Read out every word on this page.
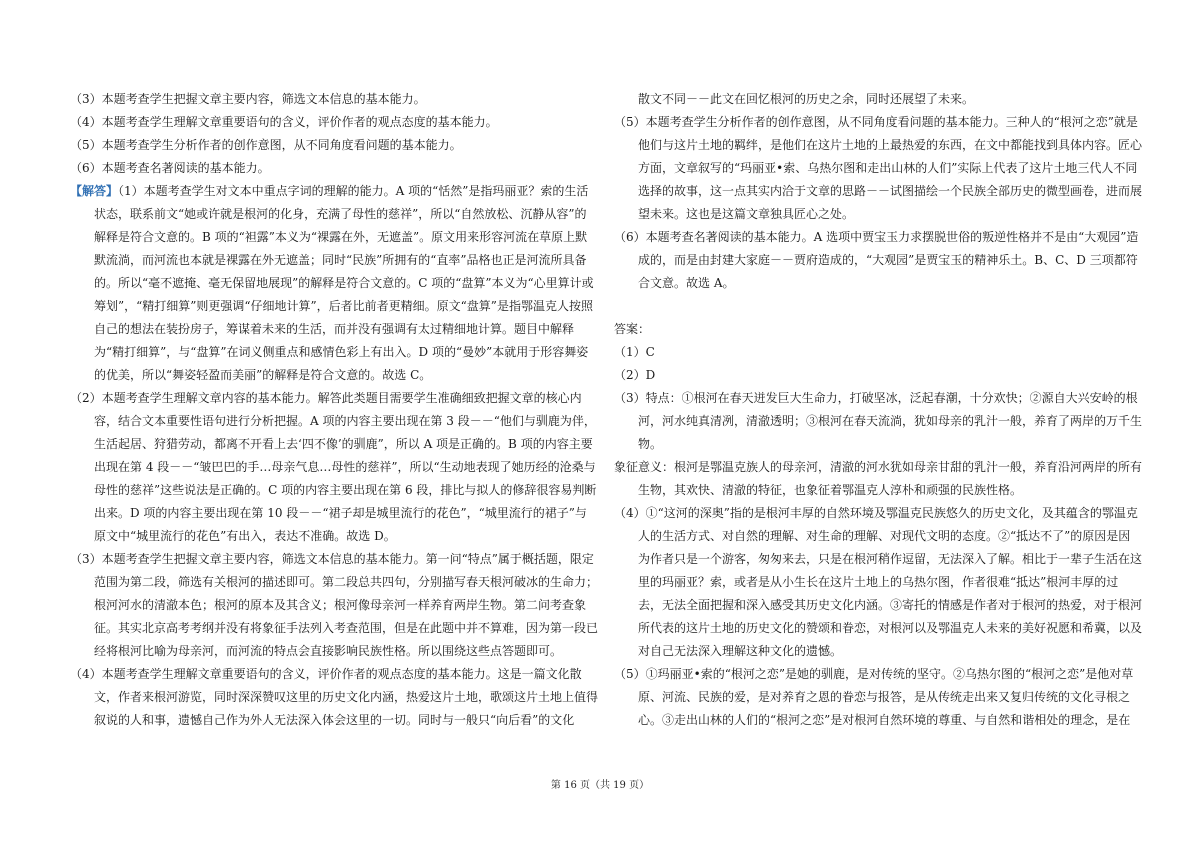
（3）本题考查学生把握文章主要内容，筛选文本信息的基本能力。

（4）本题考查学生理解文章重要语句的含义，评价作者的观点态度的基本能力。

（5）本题考查学生分析作者的创作意图，从不同角度看问题的基本能力。

（6）本题考查名著阅读的基本能力。

【解答】（1）本题考查学生对文本中重点字词的理解的能力。A 项的“恬然”是指玛丽亚？索的生活状态，联系前文“她或许就是根河的化身，充满了母性的慈祥”，所以“自然放松、沉静从容”的解释是符合文意的。B 项的“袒露”本义为“裸露在外，无遮盖”。原文用来形容河流在草原上默默流淌，而河流也本就是裸露在外无遮盖；同时“民族”所拥有的“直率”品格也正是河流所具备的。所以“毫不遮掩、毫无保留地展现”的解释是符合文意的。C 项的“盘算”本义为“心里算计或筹划”，“精打细算”则更强调“仔细地计算”，后者比前者更精细。原文“盘算”是指鄂温克人按照自己的想法在装扮房子，筹谋着未来的生活，而并没有强调有太过精细地计算。题目中解释为“精打细算”，与“盘算”在词义侧重点和感情色彩上有出入。D 项的“曼妙”本就用于形容舞姿的优美，所以“舞姿轻盈而美丽”的解释是符合文意的。故选 C。

（2）本题考查学生理解文章内容的基本能力。解答此类题目需要学生准确细致把握文章的核心内容，结合文本重要性语句进行分析把握。A 项的内容主要出现在第 3 段－－“他们与驯鹿为伴，生活起居、狩猎劳动，都离不开看上去‘四不像’的驯鹿”，所以 A 项是正确的。B 项的内容主要出现在第 4 段－－“皱巴巴的手…母亲气息…母性的慈祥”，所以“生动地表现了她历经的沧桑与母性的慈祥”这些说法是正确的。C 项的内容主要出现在第 6 段，排比与拟人的修辞很容易判断出来。D 项的内容主要出现在第 10 段－－“裙子却是城里流行的花色”，“城里流行的裙子”与原文中“城里流行的花色”有出入，表达不准确。故选 D。

（3）本题考查学生把握文章主要内容，筛选文本信息的基本能力。第一问“特点”属于概括题，限定范围为第二段，筛选有关根河的描述即可。第二段总共四句，分别描写春天根河破冰的生命力；根河河水的清澈本色；根河的原本及其含义；根河像母亲河一样养育两岸生物。第二问考查象征。其实北京高考考纲并没有将象征手法列入考查范围，但是在此题中并不算难，因为第一段已经将根河比喻为母亲河，而河流的特点会直接影响民族性格。所以围绕这些点答题即可。

（4）本题考查学生理解文章重要语句的含义，评价作者的观点态度的基本能力。这是一篇文化散文，作者来根河游览，同时深深赞叹这里的历史文化内涵，热爱这片土地，歌颂这片土地上值得叙说的人和事，遗憾自己作为外人无法深入体会这里的一切。同时与一般只“向后看”的文化

散文不同－－此文在回忆根河的历史之余，同时还展望了未来。

（5）本题考查学生分析作者的创作意图，从不同角度看问题的基本能力。三种人的“根河之恋”就是他们与这片土地的羁绊，是他们在这片土地的上最热爱的东西，在文中都能找到具体内容。匠心方面，文章叙写的“玛丽亚•索、乌热尔图和走出山林的人们”实际上代表了这片土地三代人不同选择的故事，这一点其实内洽于文章的思路－－试图描绘一个民族全部历史的微型画卷，进而展望未来。这也是这篇文章独具匠心之处。

（6）本题考查名著阅读的基本能力。A 选项中贾宝玉力求摆脱世俗的叛逆性格并不是由“大观园”造成的，而是由封建大家庭－－贾府造成的，“大观园”是贾宝玉的精神乐土。B、C、D 三项都符合文意。故选 A。

答案：

（1）C

（2）D

（3）特点：①根河在春天迸发巨大生命力，打破坚冰，泛起春潮，十分欢快；②源自大兴安岭的根河，河水纯真清冽，清澈透明；③根河在春天流淌，犹如母亲的乳汁一般，养育了两岸的万千生物。

象征意义：根河是鄂温克族人的母亲河，清澈的河水犹如母亲甘甜的乳汁一般，养育沿河两岸的所有生物，其欢快、清澈的特征，也象征着鄂温克人淳朴和顽强的民族性格。

（4）①“这河的深奥”指的是根河丰厚的自然环境及鄂温克民族悠久的历史文化，及其蕴含的鄂温克人的生活方式、对自然的理解、对生命的理解、对现代文明的态度。②“抵达不了”的原因是因为作者只是一个游客，匆匆来去，只是在根河稍作逗留，无法深入了解。相比于一辈子生活在这里的玛丽亚？索，或者是从小生长在这片土地上的乌热尔图，作者很难“抵达”根河丰厚的过去，无法全面把握和深入感受其历史文化内涵。③寄托的情感是作者对于根河的热爱，对于根河所代表的这片土地的历史文化的赞颂和眷恋，对根河以及鄂温克人未来的美好祝愿和希冀，以及对自己无法深入理解这种文化的遗憾。

（5）①玛丽亚•索的“根河之恋”是她的驯鹿，是对传统的坚守。②乌热尔图的“根河之恋”是他对草原、河流、民族的爱，是对养育之恩的眷恋与报答，是从传统走出来又复归传统的文化寻根之心。③走出山林的人们的“根河之恋”是对根河自然环境的尊重、与自然和谐相处的理念，是在

第 16 页（共 19 页）
